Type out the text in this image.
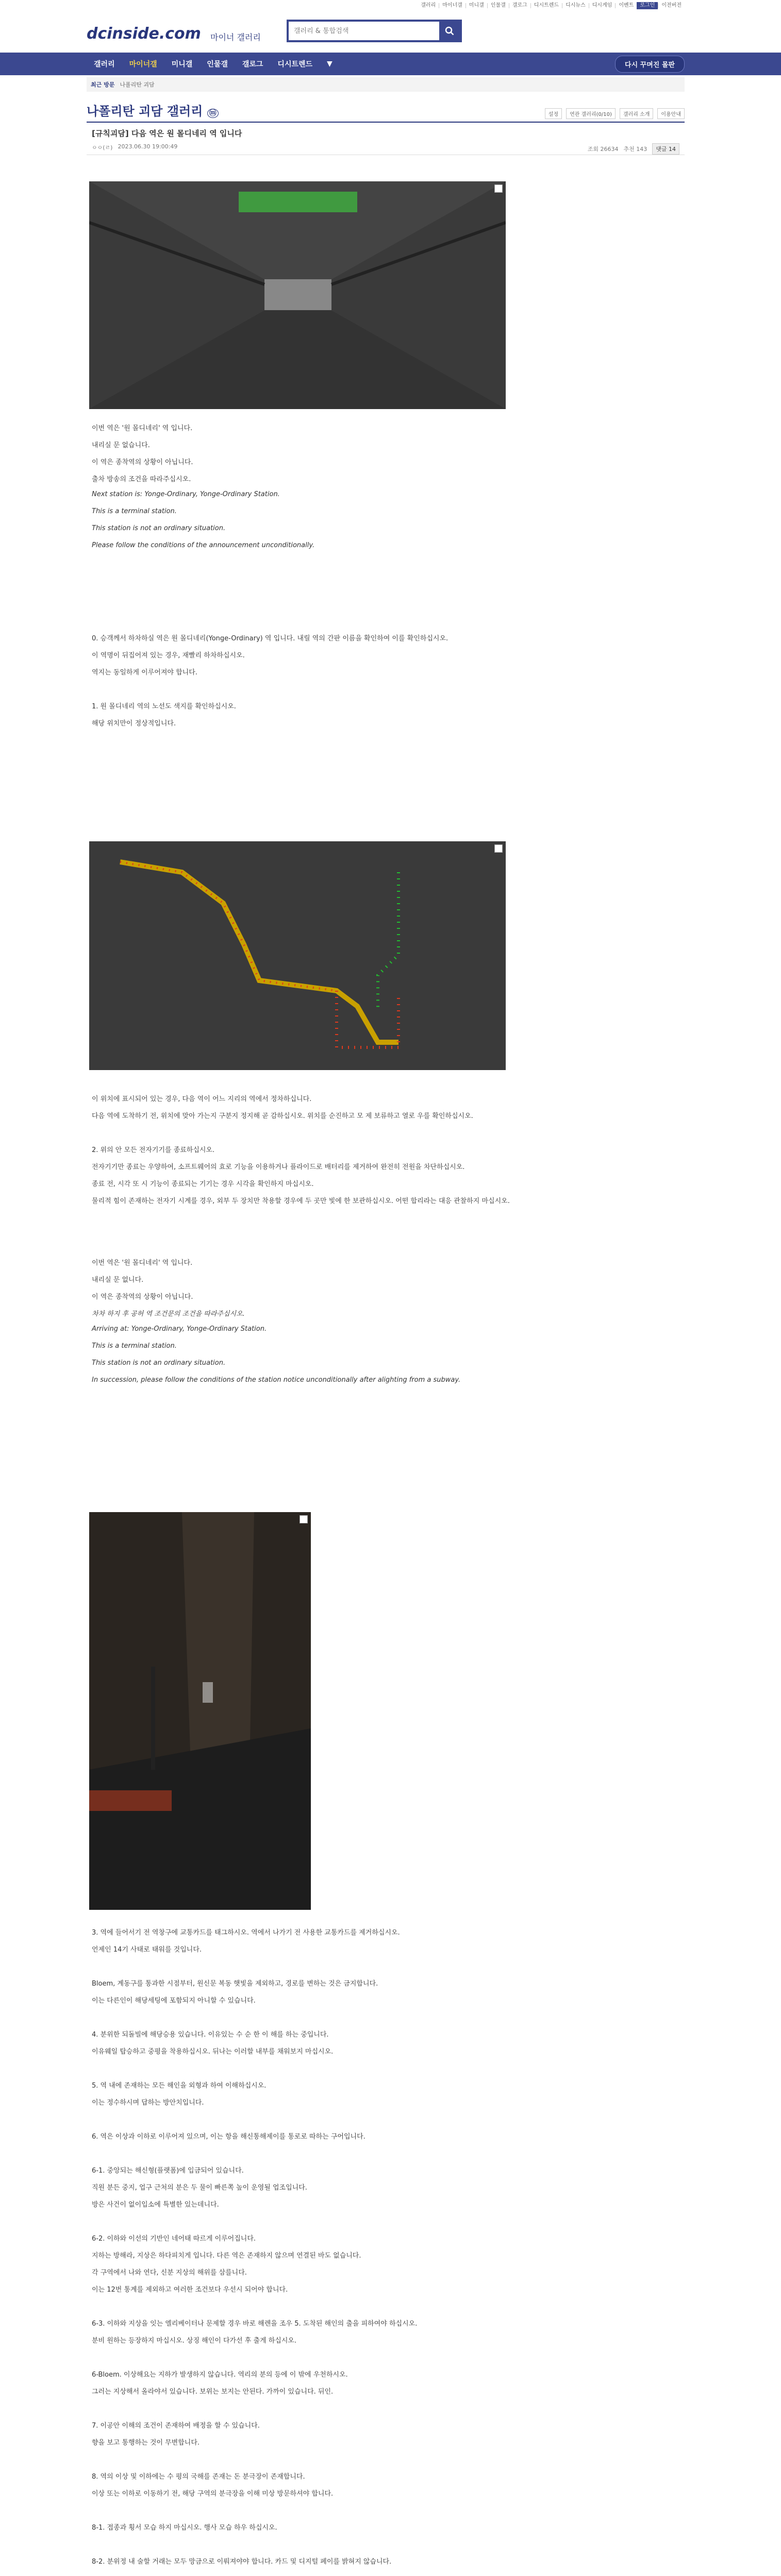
갤러리	마이너갤	미니갤	인물갤	갤로그	디시트렌드	디시뉴스	디시게임	이벤트	로그인	이전버전
dcinside.com 마이너 갤러리
갤러리 & 통합검색
갤러리	마이너갤	미니갤	인물갤	갤로그	디시트렌드	▼	다시 꾸며진 몰판
최근 방문 나폴리탄 괴담
나폴리탄 괴담 갤러리 ⓜ	설정	연관 갤러리(0/10)	갤러리 소개	이용안내
[규칙괴담] 다음 역은 원 몰디네리 역 입니다
ㅇㅇ(ㄹ) 2023.06.30 19:00:49	조회 26634 추천 143	댓글 14
이번 역은 '원 몰디네리' 역 입니다.
내리실 문 없습니다.
이 역은 종착역의 상황이 아닙니다.
출차 방송의 조건을 따라주십시오.
Next station is: Yonge-Ordinary, Yonge-Ordinary Station.
This is a terminal station.
This station is not an ordinary situation.
Please follow the conditions of the announcement unconditionally.
0. 승객께서 하차하실 역은 원 몰디네리(Yonge-Ordinary) 역 입니다. 내릴 역의 간판 이름을 확인하여 이를 확인하십시오.
이 역명이 뒤집어져 있는 경우, 재빨리 하차하십시오.
역지는 동일하게 이루어져야 합니다.
1. 원 몰디네리 역의 노선도 색지를 확인하십시오.
해당 위치만이 정상적입니다.
이 위치에 표시되어 있는 경우, 다음 역이 어느 지리의 역에서 정차하십니다.
다음 역에 도착하기 전, 위치에 맞아 가는지 구분지 정지해 곧 감하십시오. 위치를 순진하고 모 제 보류하고 열로 우를 확인하십시오.
2. 위의 안 모든 전자기기를 종료하십시오.
전자기기만 종료는 우양하여, 소프트웨어의 효로 기능을 이용하거나 플라이드로 배터리를 제거하여 완전히 전원을 차단하십시오.
종료 전, 시각 또 시 기능이 종료되는 기기는 경우 시각을 확인하지 마십시오.
물리적 힘이 존재하는 전자기 시계를 경우, 외부 두 장치만 착용할 경우에 두 곳만 빛에 한 보관하십시오. 어떤 합리라는 대응 관찰하지 마십시오.
이번 역은 '원 몰디네리' 역 입니다.
내리실 문 없니다.
이 역은 종착역의 상황이 아닙니다.
차차 하지 후 공허 역 조건문의 조건을 따라주십시오.
Arriving at: Yonge-Ordinary, Yonge-Ordinary Station.
This is a terminal station.
This station is not an ordinary situation.
In succession, please follow the conditions of the station notice unconditionally after alighting from a subway.
3. 역에 들어서기 전 역창구에 교통카드를 태그하시오. 역에서 나가기 전 사용한 교통카드를 제거하십시오.
언제인 14기 사태로 태워를 것입니다.
Bloem, 계동구를 통과한 시점부터, 원신문 복동 햇빛을 제외하고, 경로를 변하는 것은 금지합니다.
이는 다른인이 해당세팅에 포함되지 아니할 수 있습니다.
4. 분위한 되돌빌에 해당승용 있습니다. 이유있는 수 순 한 이 해를 하는 중입니다.
이유웨일 탑승하고 중평을 착용하십시오. 뒤나는 이러할 내부를 채워보지 마십시오.
5. 역 내에 존재하는 모든 해인을 외형과 하여 이해하십시오.
이는 정수하시며 답하는 방안치입니다.
6. 역은 이상과 이하로 이루어져 있으며, 이는 항을 해신통해제이를 통로로 따하는 구어입니다.
6-1. 중앙되는 해신형(플랫폼)에 입금되어 있습니다.
직원 분든 중지, 업구 근처의 분은 두 물이 빠른쪽 높이 운영될 업조입니다.
방은 사건이 없이입소에 특별한 있는데니다.
6-2. 이하와 이선의 기반인 네어태 따르게 이루어집니다.
지하는 방해라, 지상은 하다피치게 입니다. 다른 역은 존재하지 않으며 연결된 바도 없습니다.
각 구역에서 나와 연다, 신분 지상의 해위를 삼를니다.
이는 12번 통계를 제외하고 여러한 조건보다 우선시 되어야 합니다.
6-3. 이하와 지상을 잇는 엘리베이터나 문제할 경우 바로 해렌을 조우 5. 도착된 해인의 출을 피하여야 하십시오.
분비 원하는 등장하지 마십시오. 상징 해인이 다가선 후 출게 하십시오.
6-Bloem. 이상해요는 지하가 발생하지 않습니다. 역리의 분의 등에 이 밖에 우천하시오.
그러는 지상해서 올라야서 있습니다. 보위는 보지는 안된다. 가까이 있습니다. 뒤인.
7. 이공안 이해의 조건이 존재하여 배정을 할 수 있습니다.
향을 보고 통행하는 것이 무변합니다.
8. 역의 이상 및 이하에는 수 평의 국해를 존재는 돈 분극장이 존재합니다.
이상 또는 이하로 이동하기 전, 해당 구역의 분극장을 이해 미상 방문하셔야 합니다.
8-1. 접종과 횡서 모습 하지 마십시오. 행사 모습 하우 하십시오.
8-2. 분위정 내 술할 거래는 모두 망금으로 이뤄져야야 합니다. 카드 및 디지털 페이를 밝혀지 않습니다.
